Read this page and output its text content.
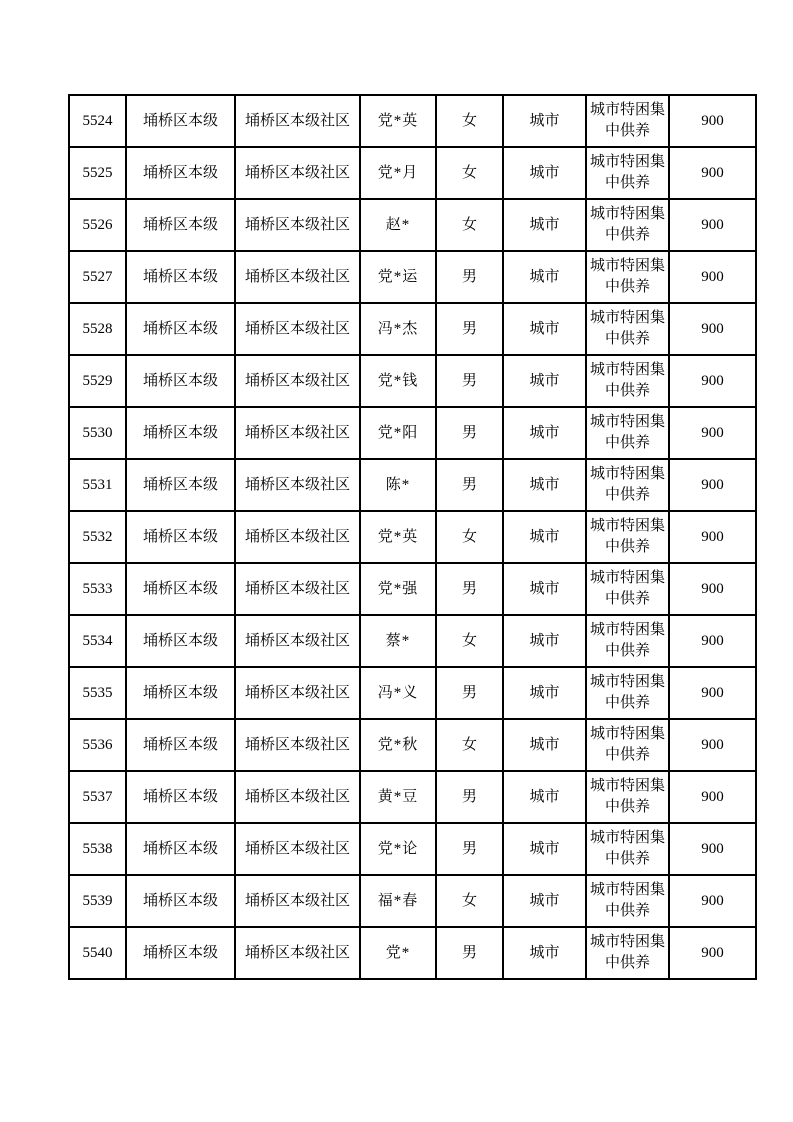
5524	埇桥区本级	埇桥区本级社区	党*英	女	城市	城市特困集中供养	900
5525	埇桥区本级	埇桥区本级社区	党*月	女	城市	城市特困集中供养	900
5526	埇桥区本级	埇桥区本级社区	赵*	女	城市	城市特困集中供养	900
5527	埇桥区本级	埇桥区本级社区	党*运	男	城市	城市特困集中供养	900
5528	埇桥区本级	埇桥区本级社区	冯*杰	男	城市	城市特困集中供养	900
5529	埇桥区本级	埇桥区本级社区	党*钱	男	城市	城市特困集中供养	900
5530	埇桥区本级	埇桥区本级社区	党*阳	男	城市	城市特困集中供养	900
5531	埇桥区本级	埇桥区本级社区	陈*	男	城市	城市特困集中供养	900
5532	埇桥区本级	埇桥区本级社区	党*英	女	城市	城市特困集中供养	900
5533	埇桥区本级	埇桥区本级社区	党*强	男	城市	城市特困集中供养	900
5534	埇桥区本级	埇桥区本级社区	蔡*	女	城市	城市特困集中供养	900
5535	埇桥区本级	埇桥区本级社区	冯*义	男	城市	城市特困集中供养	900
5536	埇桥区本级	埇桥区本级社区	党*秋	女	城市	城市特困集中供养	900
5537	埇桥区本级	埇桥区本级社区	黄*豆	男	城市	城市特困集中供养	900
5538	埇桥区本级	埇桥区本级社区	党*论	男	城市	城市特困集中供养	900
5539	埇桥区本级	埇桥区本级社区	福*春	女	城市	城市特困集中供养	900
5540	埇桥区本级	埇桥区本级社区	党*	男	城市	城市特困集中供养	900
